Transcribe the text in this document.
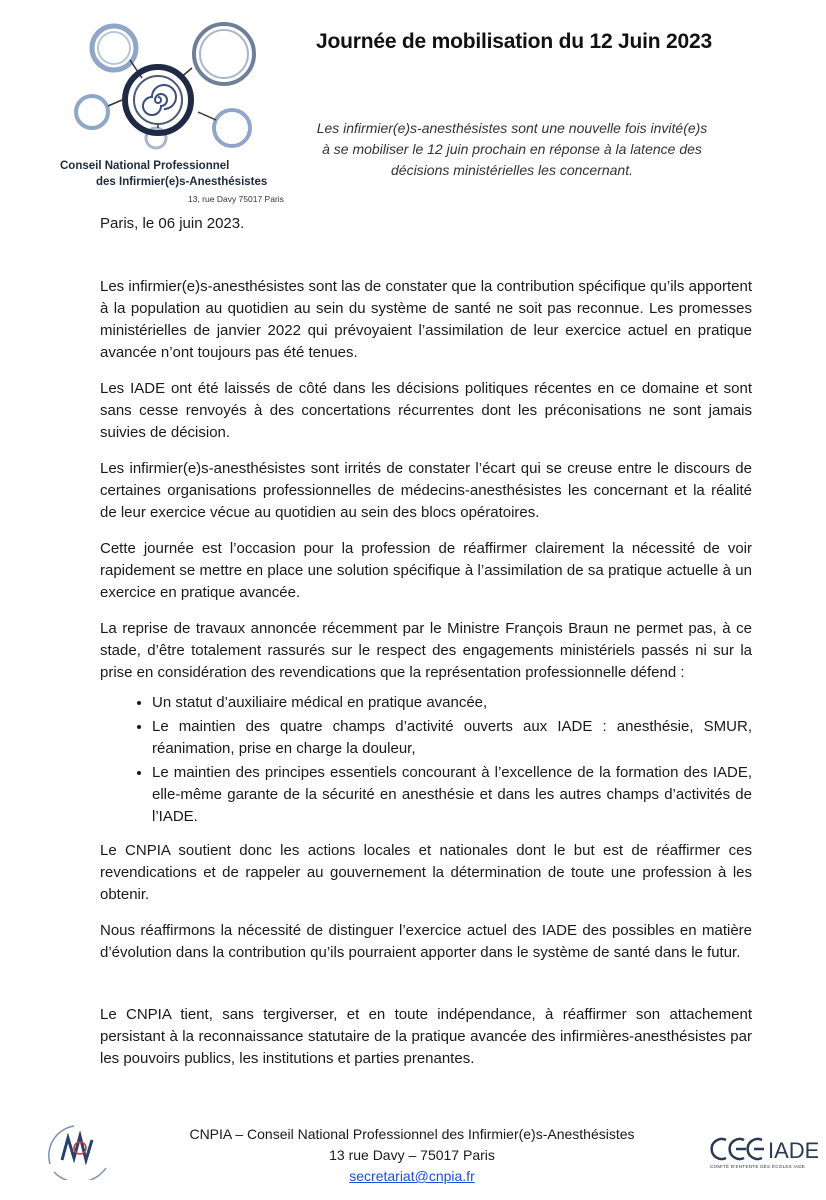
Conseil National Professionnel
des Infirmier(e)s-Anesthésistes
13, rue Davy 75017 Paris
Journée de mobilisation du 12 Juin 2023
Les infirmier(e)s-anesthésistes sont une nouvelle fois invité(e)s à se mobiliser le 12 juin prochain en réponse à la latence des décisions ministérielles les concernant.
Paris, le 06 juin 2023.

Les infirmier(e)s-anesthésistes sont las de constater que la contribution spécifique qu’ils apportent à la population au quotidien au sein du système de santé ne soit pas reconnue. Les promesses ministérielles de janvier 2022 qui prévoyaient l’assimilation de leur exercice actuel en pratique avancée n’ont toujours pas été tenues.

Les IADE ont été laissés de côté dans les décisions politiques récentes en ce domaine et sont sans cesse renvoyés à des concertations récurrentes dont les préconisations ne sont jamais suivies de décision.

Les infirmier(e)s-anesthésistes sont irrités de constater l’écart qui se creuse entre le discours de certaines organisations professionnelles de médecins-anesthésistes les concernant et la réalité de leur exercice vécue au quotidien au sein des blocs opératoires.

Cette journée est l’occasion pour la profession de réaffirmer clairement la nécessité de voir rapidement se mettre en place une solution spécifique à l’assimilation de sa pratique actuelle à un exercice en pratique avancée.

La reprise de travaux annoncée récemment par le Ministre François Braun ne permet pas, à ce stade, d’être totalement rassurés sur le respect des engagements ministériels passés ni sur la prise en considération des revendications que la représentation professionnelle défend :

• Un statut d’auxiliaire médical en pratique avancée,
• Le maintien des quatre champs d’activité ouverts aux IADE : anesthésie, SMUR, réanimation, prise en charge la douleur,
• Le maintien des principes essentiels concourant à l’excellence de la formation des IADE, elle-même garante de la sécurité en anesthésie et dans les autres champs d’activités de l’IADE.

Le CNPIA soutient donc les actions locales et nationales dont le but est de réaffirmer ces revendications et de rappeler au gouvernement la détermination de toute une profession à les obtenir.

Nous réaffirmons la nécessité de distinguer l’exercice actuel des IADE des possibles en matière d’évolution dans la contribution qu’ils pourraient apporter dans le système de santé dans le futur.

Le CNPIA tient, sans tergiverser, et en toute indépendance, à réaffirmer son attachement persistant à la reconnaissance statutaire de la pratique avancée des infirmières-anesthésistes par les pouvoirs publics, les institutions et parties prenantes.

CNPIA – Conseil National Professionnel des Infirmier(e)s-Anesthésistes
13 rue Davy – 75017 Paris
secretariat@cnpia.fr
IADE
COMITÉ D'ENTENTE DES ÉCOLES IADE
